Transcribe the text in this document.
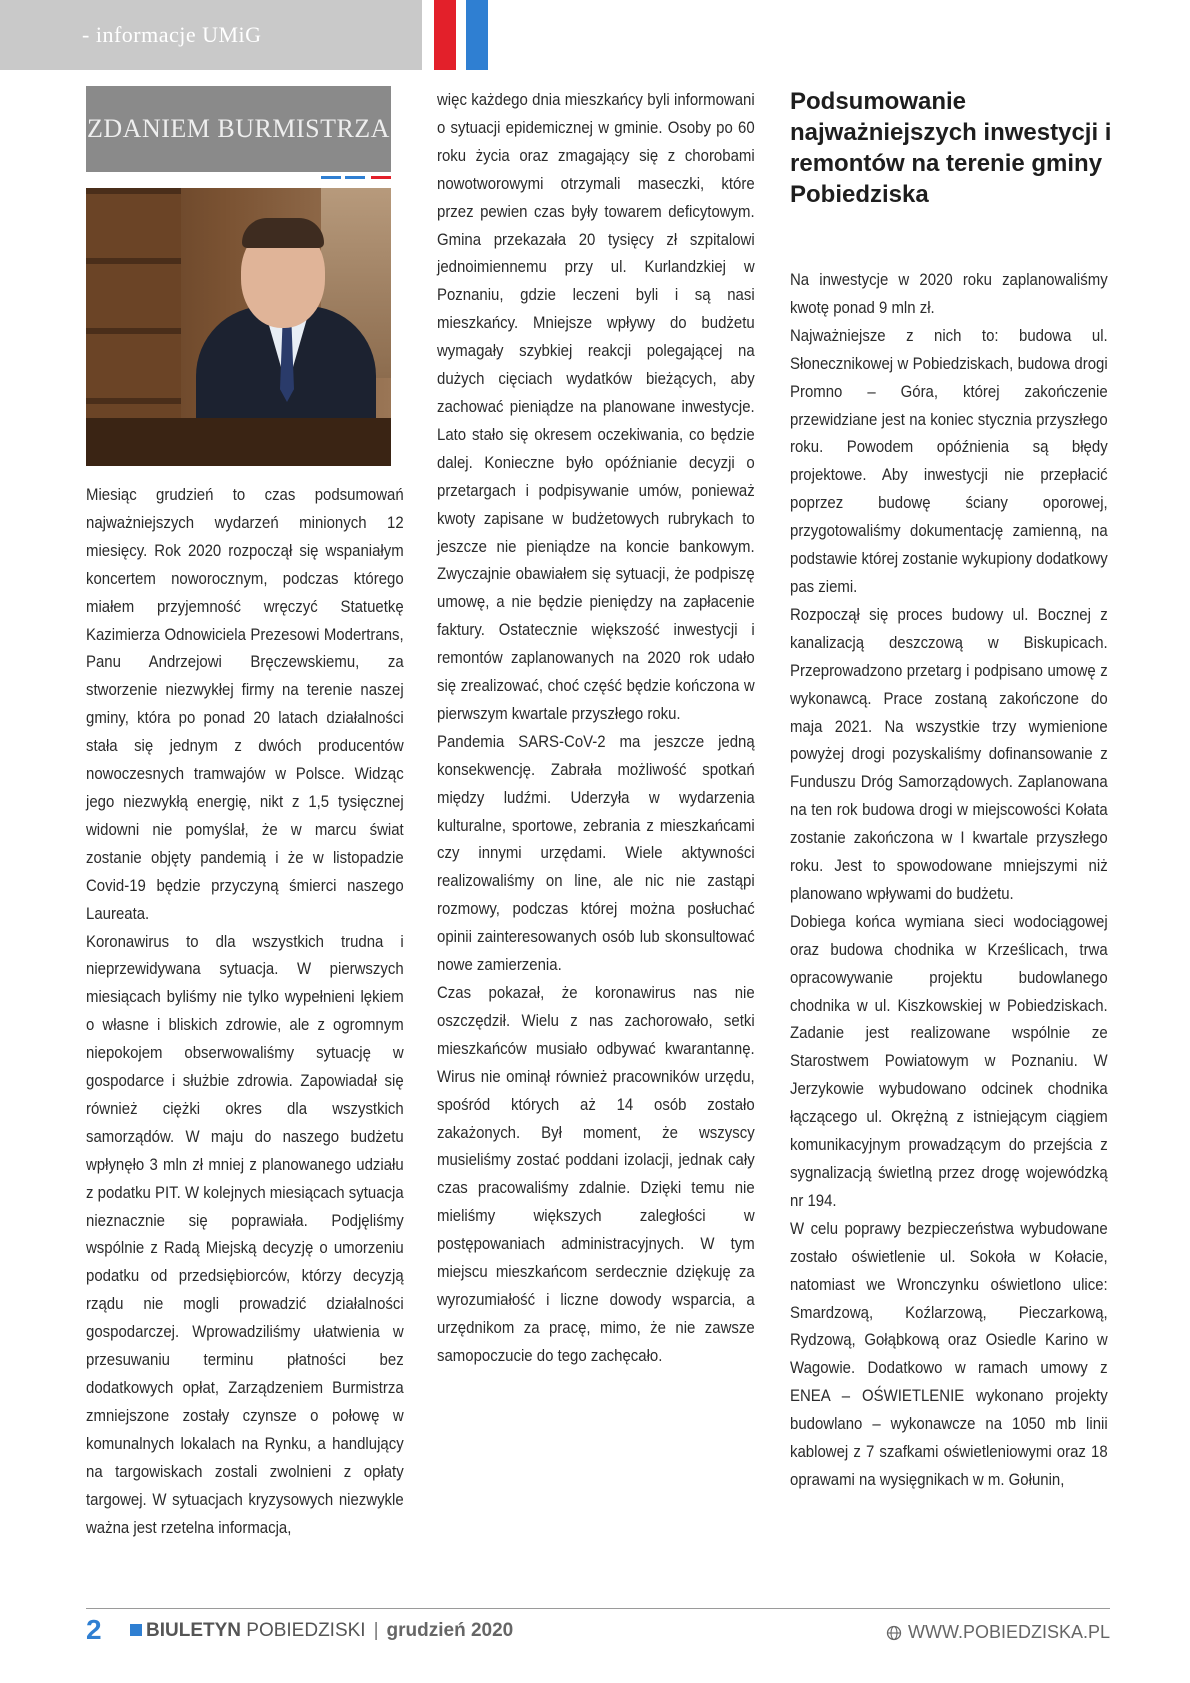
- informacje UMiG
ZDANIEM BURMISTRZA

Miesiąc grudzień to czas podsumowań najważniejszych wydarzeń minionych 12 miesięcy. Rok 2020 rozpoczął się wspaniałym koncertem noworocznym, podczas którego miałem przyjemność wręczyć Statuetkę Kazimierza Odnowiciela Prezesowi Modertrans, Panu Andrzejowi Bręczewskiemu, za stworzenie niezwykłej firmy na terenie naszej gminy, która po ponad 20 latach działalności stała się jednym z dwóch producentów nowoczesnych tramwajów w Polsce. Widząc jego niezwykłą energię, nikt z 1,5 tysięcznej widowni nie pomyślał, że w marcu świat zostanie objęty pandemią i że w listopadzie Covid-19 będzie przyczyną śmierci naszego Laureata.

Koronawirus to dla wszystkich trudna i nieprzewidywana sytuacja. W pierwszych miesiącach byliśmy nie tylko wypełnieni lękiem o własne i bliskich zdrowie, ale z ogromnym niepokojem obserwowaliśmy sytuację w gospodarce i służbie zdrowia. Zapowiadał się również ciężki okres dla wszystkich samorządów. W maju do naszego budżetu wpłynęło 3 mln zł mniej z planowanego udziału z podatku PIT. W kolejnych miesiącach sytuacja nieznacznie się poprawiała. Podjęliśmy wspólnie z Radą Miejską decyzję o umorzeniu podatku od przedsiębiorców, którzy decyzją rządu nie mogli prowadzić działalności gospodarczej. Wprowadziliśmy ułatwienia w przesuwaniu terminu płatności bez dodatkowych opłat, Zarządzeniem Burmistrza zmniejszone zostały czynsze o połowę w komunalnych lokalach na Rynku, a handlujący na targowiskach zostali zwolnieni z opłaty targowej. W sytuacjach kryzysowych niezwykle ważna jest rzetelna informacja,

więc każdego dnia mieszkańcy byli informowani o sytuacji epidemicznej w gminie. Osoby po 60 roku życia oraz zmagający się z chorobami nowotworowymi otrzymali maseczki, które przez pewien czas były towarem deficytowym. Gmina przekazała 20 tysięcy zł szpitalowi jednoimiennemu przy ul. Kurlandzkiej w Poznaniu, gdzie leczeni byli i są nasi mieszkańcy. Mniejsze wpływy do budżetu wymagały szybkiej reakcji polegającej na dużych cięciach wydatków bieżących, aby zachować pieniądze na planowane inwestycje. Lato stało się okresem oczekiwania, co będzie dalej. Konieczne było opóźnianie decyzji o przetargach i podpisywanie umów, ponieważ kwoty zapisane w budżetowych rubrykach to jeszcze nie pieniądze na koncie bankowym. Zwyczajnie obawiałem się sytuacji, że podpiszę umowę, a nie będzie pieniędzy na zapłacenie faktury. Ostatecznie większość inwestycji i remontów zaplanowanych na 2020 rok udało się zrealizować, choć część będzie kończona w pierwszym kwartale przyszłego roku.

Pandemia SARS-CoV-2 ma jeszcze jedną konsekwencję. Zabrała możliwość spotkań między ludźmi. Uderzyła w wydarzenia kulturalne, sportowe, zebrania z mieszkańcami czy innymi urzędami. Wiele aktywności realizowaliśmy on line, ale nic nie zastąpi rozmowy, podczas której można posłuchać opinii zainteresowanych osób lub skonsultować nowe zamierzenia.

Czas pokazał, że koronawirus nas nie oszczędził. Wielu z nas zachorowało, setki mieszkańców musiało odbywać kwarantannę. Wirus nie ominął również pracowników urzędu, spośród których aż 14 osób zostało zakażonych. Był moment, że wszyscy musieliśmy zostać poddani izolacji, jednak cały czas pracowaliśmy zdalnie. Dzięki temu nie mieliśmy większych zaległości w postępowaniach administracyjnych. W tym miejscu mieszkańcom serdecznie dziękuję za wyrozumiałość i liczne dowody wsparcia, a urzędnikom za pracę, mimo, że nie zawsze samopoczucie do tego zachęcało.

Podsumowanie najważniejszych inwestycji i remontów na terenie gminy Pobiedziska

Na inwestycje w 2020 roku zaplanowaliśmy kwotę ponad 9 mln zł.

Najważniejsze z nich to: budowa ul. Słonecznikowej w Pobiedziskach, budowa drogi Promno – Góra, której zakończenie przewidziane jest na koniec stycznia przyszłego roku. Powodem opóźnienia są błędy projektowe. Aby inwestycji nie przepłacić poprzez budowę ściany oporowej, przygotowaliśmy dokumentację zamienną, na podstawie której zostanie wykupiony dodatkowy pas ziemi.

Rozpoczął się proces budowy ul. Bocznej z kanalizacją deszczową w Biskupicach. Przeprowadzono przetarg i podpisano umowę z wykonawcą. Prace zostaną zakończone do maja 2021. Na wszystkie trzy wymienione powyżej drogi pozyskaliśmy dofinansowanie z Funduszu Dróg Samorządowych. Zaplanowana na ten rok budowa drogi w miejscowości Kołata zostanie zakończona w I kwartale przyszłego roku. Jest to spowodowane mniejszymi niż planowano wpływami do budżetu.

Dobiega końca wymiana sieci wodociągowej oraz budowa chodnika w Krześlicach, trwa opracowywanie projektu budowlanego chodnika w ul. Kiszkowskiej w Pobiedziskach. Zadanie jest realizowane wspólnie ze Starostwem Powiatowym w Poznaniu. W Jerzykowie wybudowano odcinek chodnika łączącego ul. Okrężną z istniejącym ciągiem komunikacyjnym prowadzącym do przejścia z sygnalizacją świetlną przez drogę wojewódzką nr 194.

W celu poprawy bezpieczeństwa wybudowane zostało oświetlenie ul. Sokoła w Kołacie, natomiast we Wronczynku oświetlono ulice: Smardzową, Koźlarzową, Pieczarkową, Rydzową, Gołąbkową oraz Osiedle Karino w Wagowie. Dodatkowo w ramach umowy z ENEA – OŚWIETLENIE wykonano projekty budowlano – wykonawcze na 1050 mb linii kablowej z 7 szafkami oświetleniowymi oraz 18 oprawami na wysięgnikach w m. Gołunin,

2	BIULETYN POBIEDZISKI | grudzień 2020	WWW.POBIEDZISKA.PL
